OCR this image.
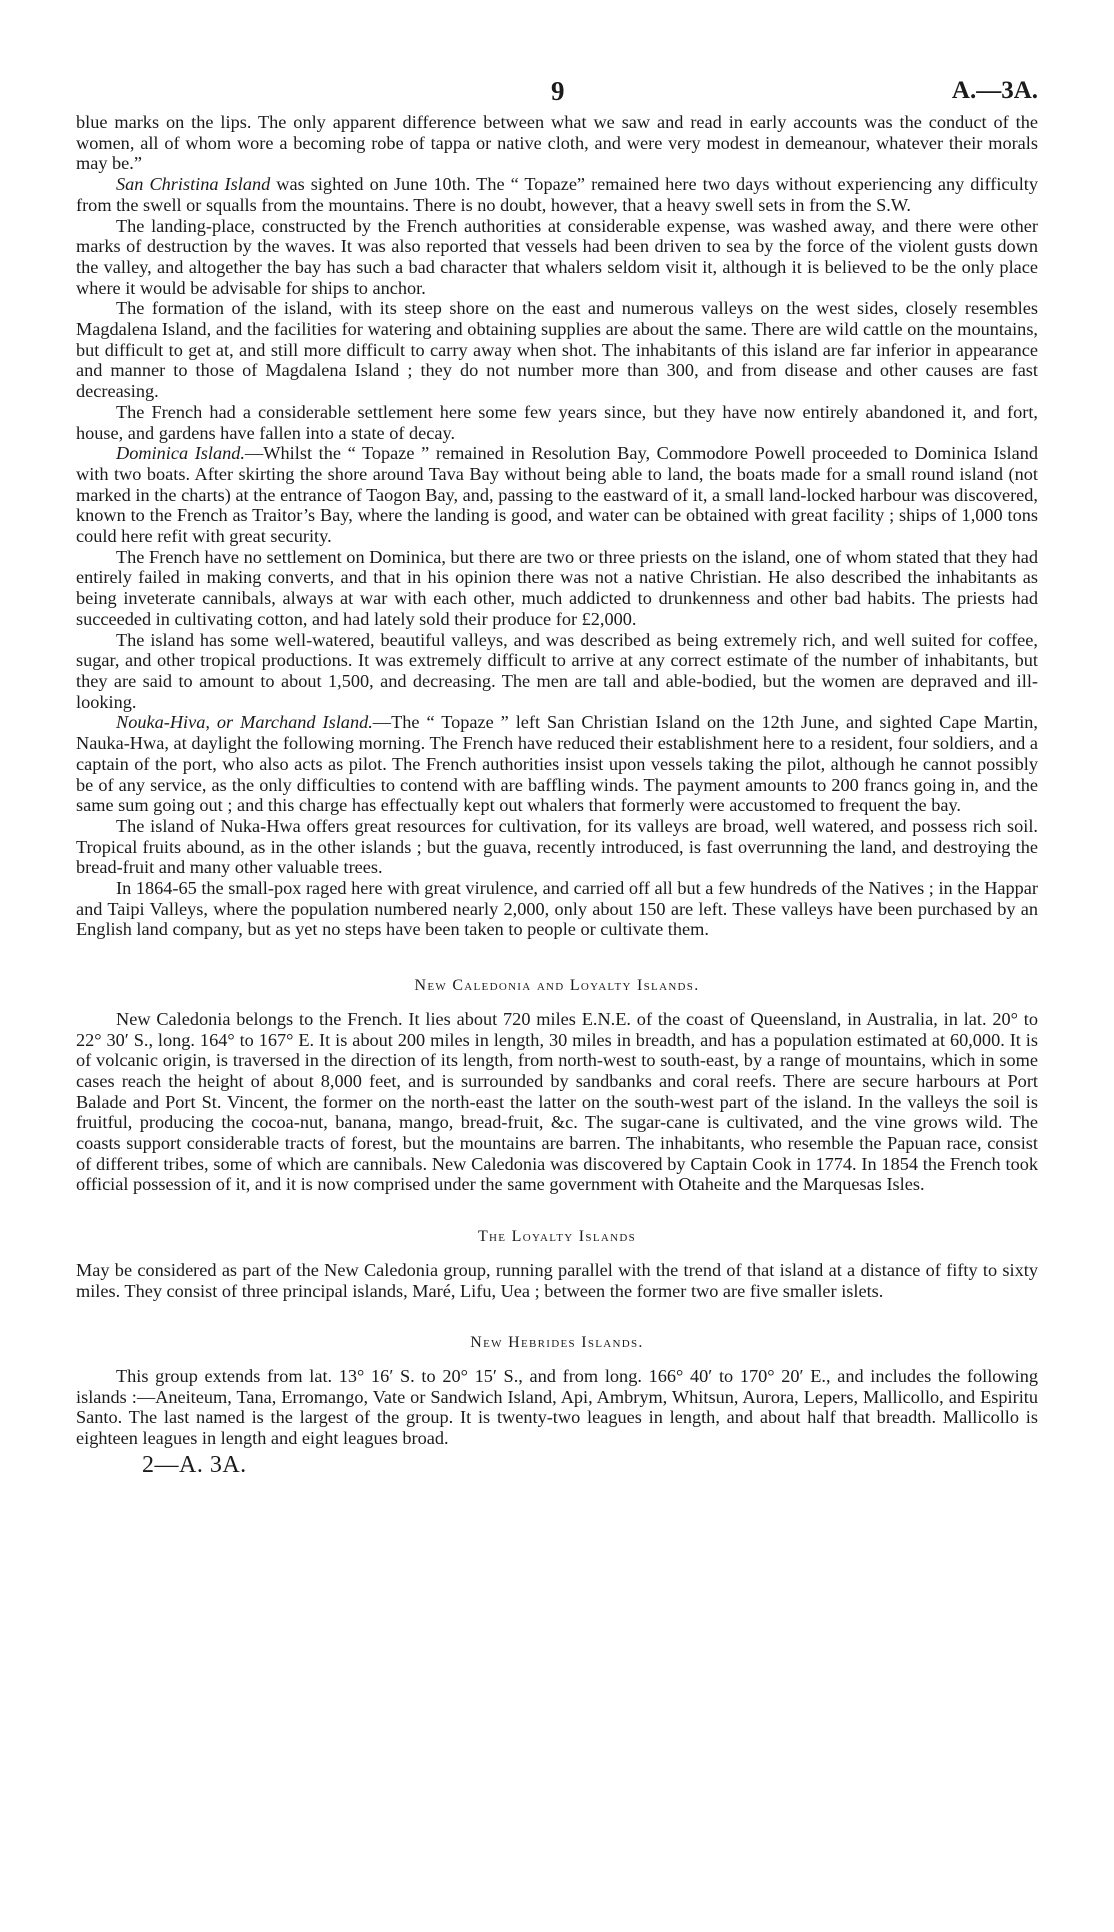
9	A.—3A.

blue marks on the lips. The only apparent difference between what we saw and read in early accounts was the conduct of the women, all of whom wore a becoming robe of tappa or native cloth, and were very modest in demeanour, whatever their morals may be.”

San Christina Island was sighted on June 10th. The “ Topaze” remained here two days without experiencing any difficulty from the swell or squalls from the mountains. There is no doubt, however, that a heavy swell sets in from the S.W.

The landing-place, constructed by the French authorities at considerable expense, was washed away, and there were other marks of destruction by the waves. It was also reported that vessels had been driven to sea by the force of the violent gusts down the valley, and altogether the bay has such a bad character that whalers seldom visit it, although it is believed to be the only place where it would be advisable for ships to anchor.

The formation of the island, with its steep shore on the east and numerous valleys on the west sides, closely resembles Magdalena Island, and the facilities for watering and obtaining supplies are about the same. There are wild cattle on the mountains, but difficult to get at, and still more difficult to carry away when shot. The inhabitants of this island are far inferior in appearance and manner to those of Magdalena Island ; they do not number more than 300, and from disease and other causes are fast decreasing.

The French had a considerable settlement here some few years since, but they have now entirely abandoned it, and fort, house, and gardens have fallen into a state of decay.

Dominica Island.—Whilst the “ Topaze ” remained in Resolution Bay, Commodore Powell proceeded to Dominica Island with two boats. After skirting the shore around Tava Bay without being able to land, the boats made for a small round island (not marked in the charts) at the entrance of Taogon Bay, and, passing to the eastward of it, a small land-locked harbour was discovered, known to the French as Traitor’s Bay, where the landing is good, and water can be obtained with great facility ; ships of 1,000 tons could here refit with great security.

The French have no settlement on Dominica, but there are two or three priests on the island, one of whom stated that they had entirely failed in making converts, and that in his opinion there was not a native Christian. He also described the inhabitants as being inveterate cannibals, always at war with each other, much addicted to drunkenness and other bad habits. The priests had succeeded in cultivating cotton, and had lately sold their produce for £2,000.

The island has some well-watered, beautiful valleys, and was described as being extremely rich, and well suited for coffee, sugar, and other tropical productions. It was extremely difficult to arrive at any correct estimate of the number of inhabitants, but they are said to amount to about 1,500, and decreasing. The men are tall and able-bodied, but the women are depraved and ill-looking.

Nouka-Hiva, or Marchand Island.—The “ Topaze ” left San Christian Island on the 12th June, and sighted Cape Martin, Nauka-Hwa, at daylight the following morning. The French have reduced their establishment here to a resident, four soldiers, and a captain of the port, who also acts as pilot. The French authorities insist upon vessels taking the pilot, although he cannot possibly be of any service, as the only difficulties to contend with are baffling winds. The payment amounts to 200 francs going in, and the same sum going out ; and this charge has effectually kept out whalers that formerly were accustomed to frequent the bay.

The island of Nuka-Hwa offers great resources for cultivation, for its valleys are broad, well watered, and possess rich soil. Tropical fruits abound, as in the other islands ; but the guava, recently introduced, is fast overrunning the land, and destroying the bread-fruit and many other valuable trees.

In 1864-65 the small-pox raged here with great virulence, and carried off all but a few hundreds of the Natives ; in the Happar and Taipi Valleys, where the population numbered nearly 2,000, only about 150 are left. These valleys have been purchased by an English land company, but as yet no steps have been taken to people or cultivate them.

New Caledonia and Loyalty Islands.

New Caledonia belongs to the French. It lies about 720 miles E.N.E. of the coast of Queensland, in Australia, in lat. 20° to 22° 30′ S., long. 164° to 167° E. It is about 200 miles in length, 30 miles in breadth, and has a population estimated at 60,000. It is of volcanic origin, is traversed in the direction of its length, from north-west to south-east, by a range of mountains, which in some cases reach the height of about 8,000 feet, and is surrounded by sandbanks and coral reefs. There are secure harbours at Port Balade and Port St. Vincent, the former on the north-east the latter on the south-west part of the island. In the valleys the soil is fruitful, producing the cocoa-nut, banana, mango, bread-fruit, &c. The sugar-cane is cultivated, and the vine grows wild. The coasts support considerable tracts of forest, but the mountains are barren. The inhabitants, who resemble the Papuan race, consist of different tribes, some of which are cannibals. New Caledonia was discovered by Captain Cook in 1774. In 1854 the French took official possession of it, and it is now comprised under the same government with Otaheite and the Marquesas Isles.

The Loyalty Islands

May be considered as part of the New Caledonia group, running parallel with the trend of that island at a distance of fifty to sixty miles. They consist of three principal islands, Maré, Lifu, Uea ; between the former two are five smaller islets.

New Hebrides Islands.

This group extends from lat. 13° 16′ S. to 20° 15′ S., and from long. 166° 40′ to 170° 20′ E., and includes the following islands :—Aneiteum, Tana, Erromango, Vate or Sandwich Island, Api, Ambrym, Whitsun, Aurora, Lepers, Mallicollo, and Espiritu Santo. The last named is the largest of the group. It is twenty-two leagues in length, and about half that breadth. Mallicollo is eighteen leagues in length and eight leagues broad.

2—A. 3A.
